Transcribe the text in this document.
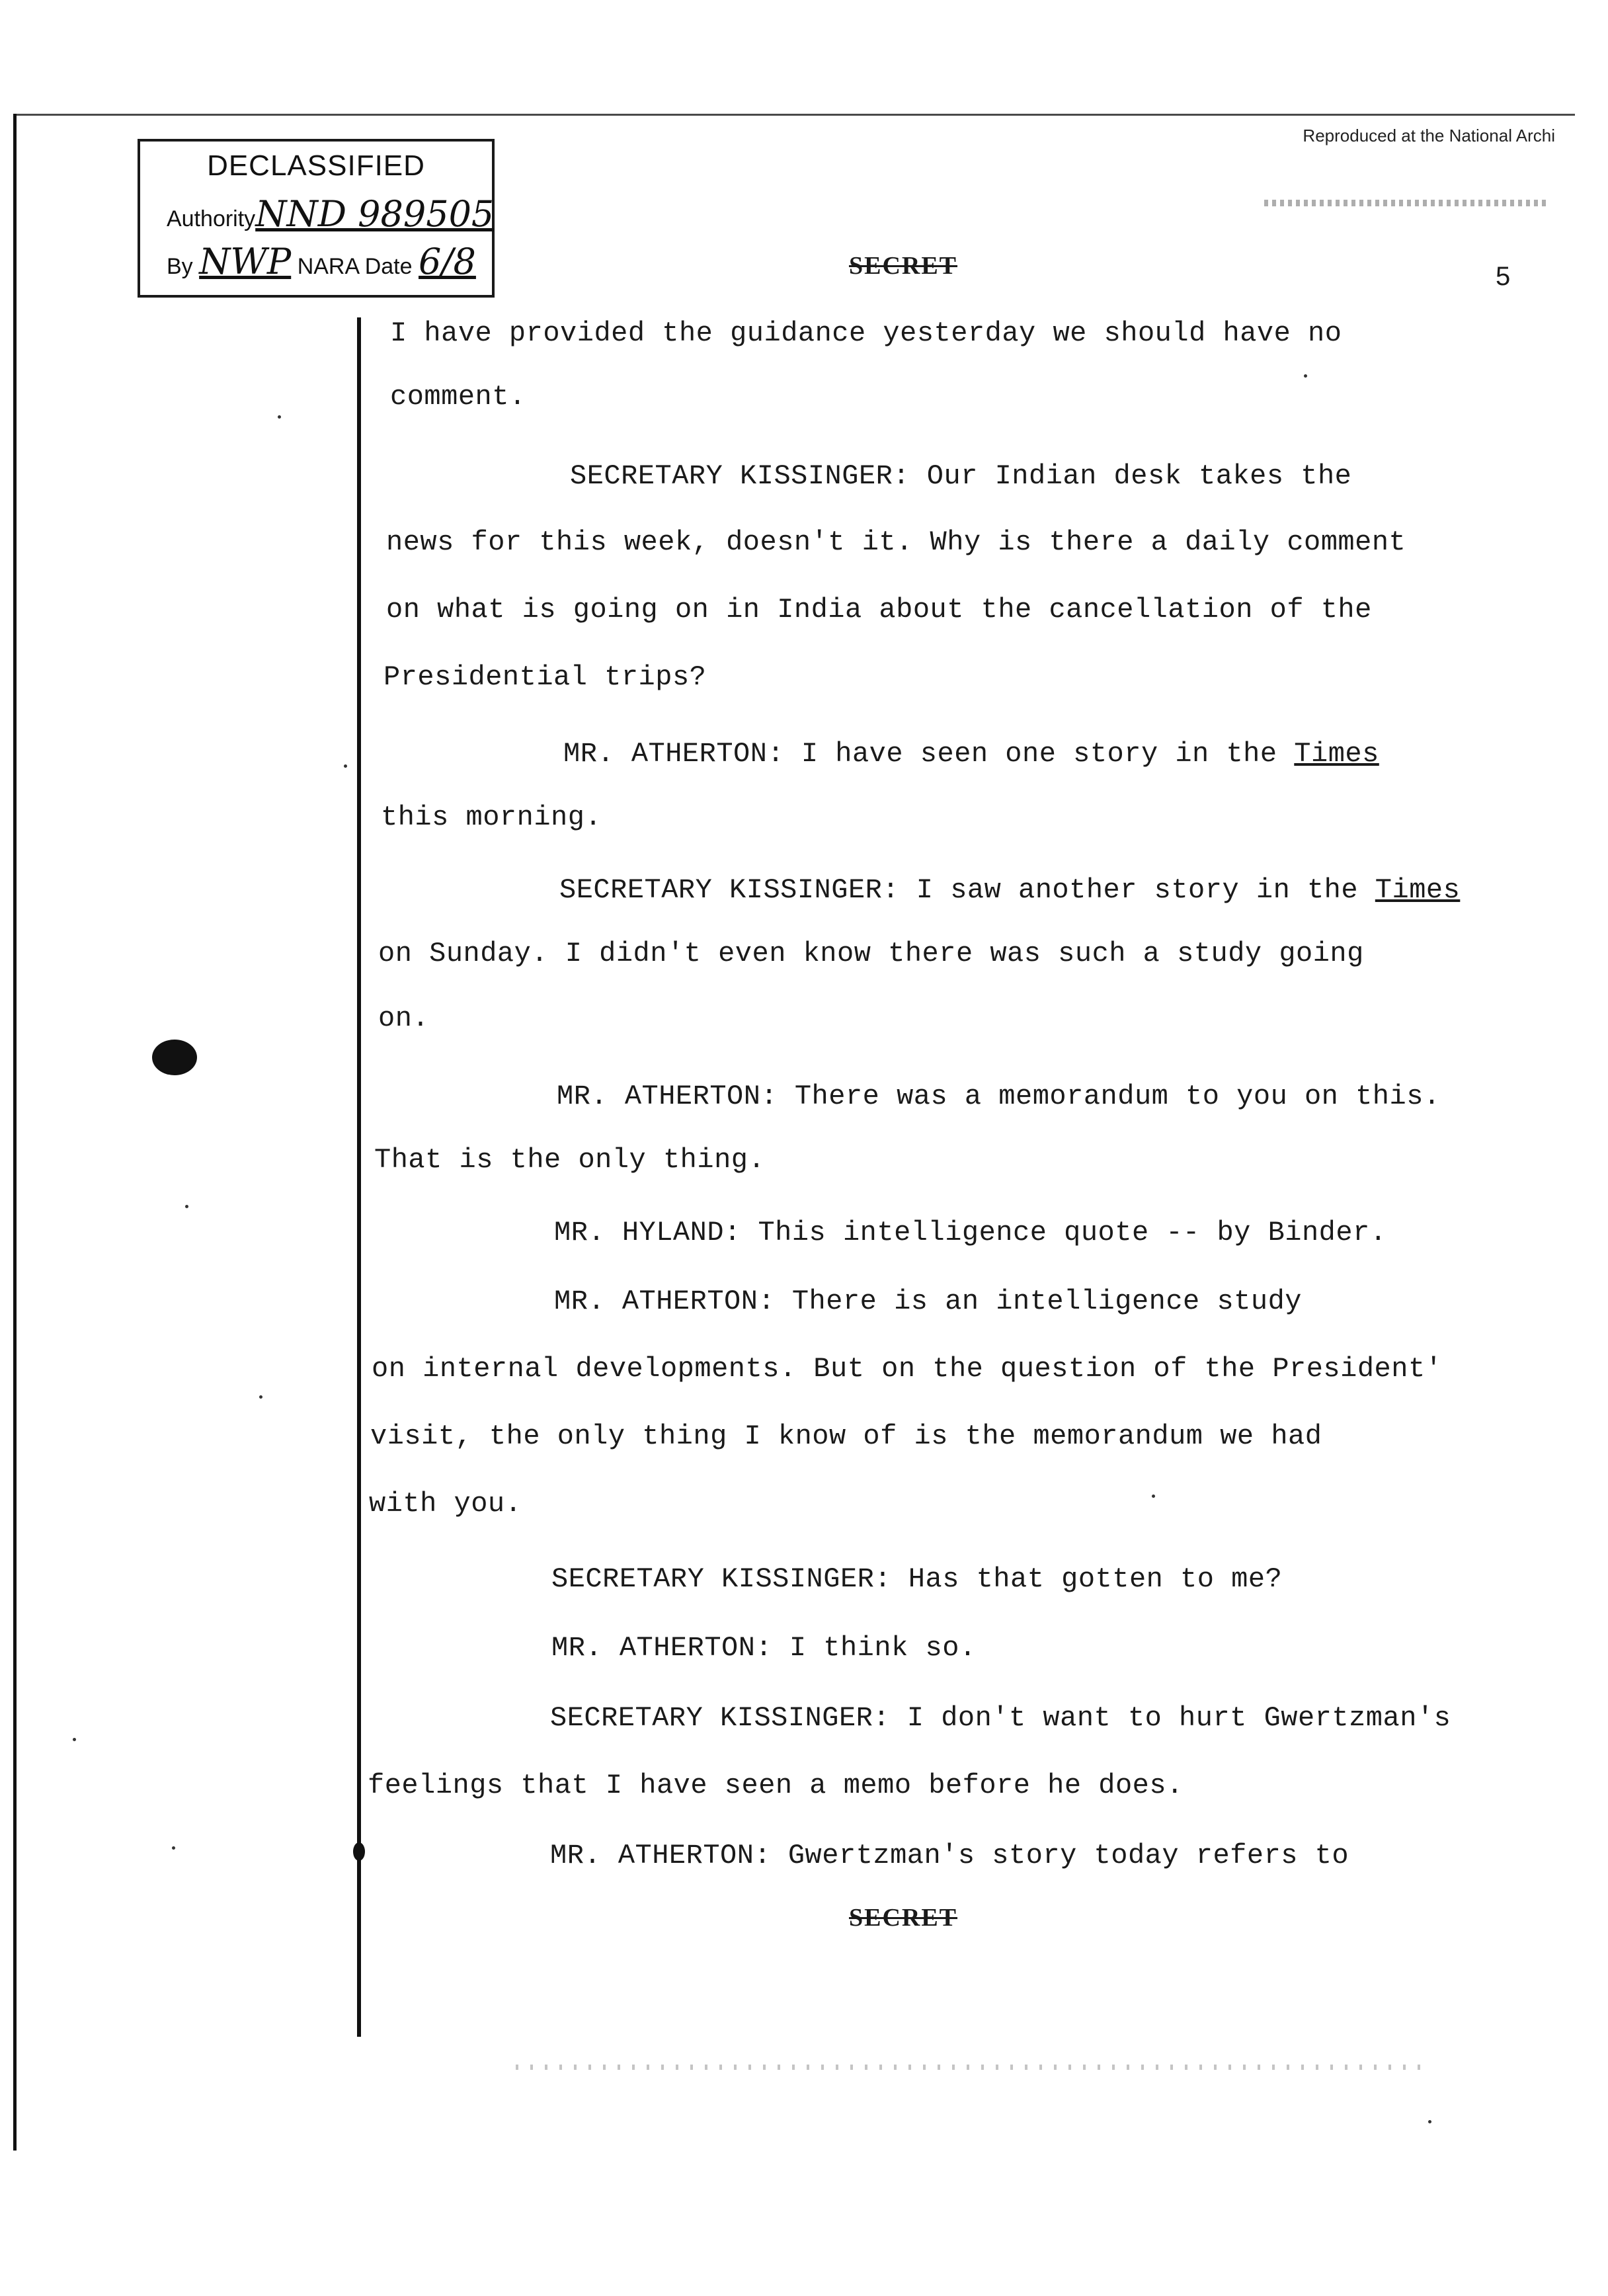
DECLASSIFIED
AuthorityNND 989505
By NWP NARA Date 6/8
Reproduced at the National Archi
SECRET	5
I have provided the guidance yesterday we should have no
comment.
SECRETARY KISSINGER: Our Indian desk takes the
news for this week, doesn't it. Why is there a daily comment
on what is going on in India about the cancellation of the
Presidential trips?
MR. ATHERTON: I have seen one story in the Times
this morning.
SECRETARY KISSINGER: I saw another story in the Times
on Sunday. I didn't even know there was such a study going
on.
MR. ATHERTON: There was a memorandum to you on this.
That is the only thing.
MR. HYLAND: This intelligence quote -- by Binder.
MR. ATHERTON: There is an intelligence study
on internal developments. But on the question of the President'
visit, the only thing I know of is the memorandum we had
with you.
SECRETARY KISSINGER: Has that gotten to me?
MR. ATHERTON: I think so.
SECRETARY KISSINGER: I don't want to hurt Gwertzman's
feelings that I have seen a memo before he does.
MR. ATHERTON: Gwertzman's story today refers to
SECRET
